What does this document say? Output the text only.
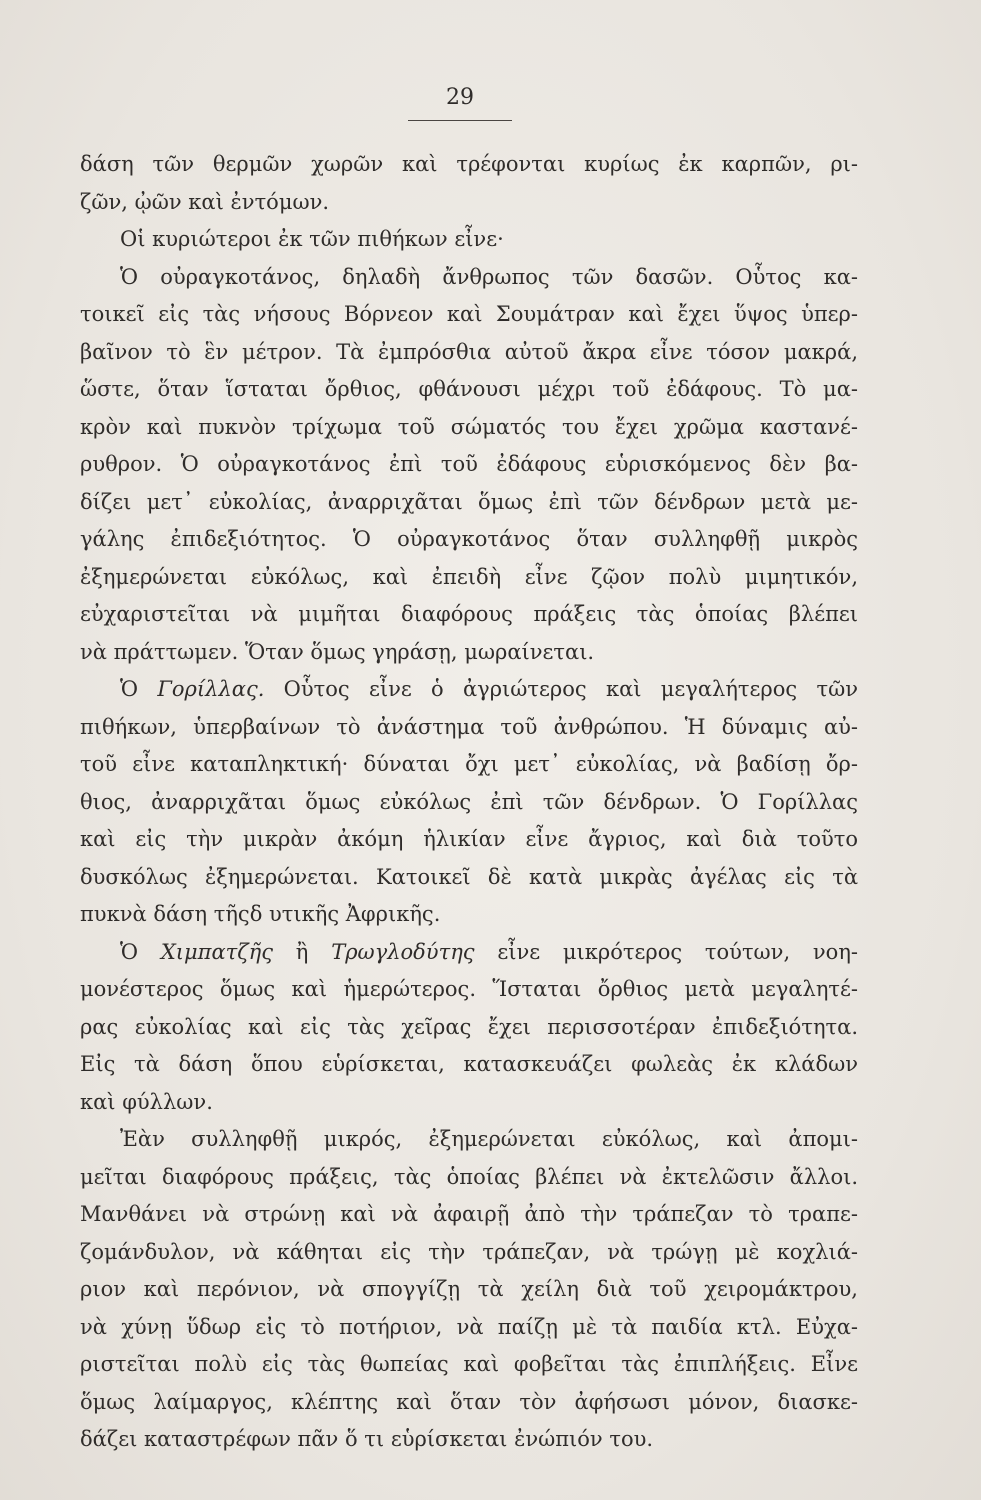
29
δάση τῶν θερμῶν χωρῶν καὶ τρέφονται κυρίως ἐκ καρπῶν, ρι-
ζῶν, ᾠῶν καὶ ἐντόμων.
Οἱ κυριώτεροι ἐκ τῶν πιθήκων εἶνε·
Ὁ οὐραγκοτάνος, δηλαδὴ ἄνθρωπος τῶν δασῶν. Οὗτος κα-
τοικεῖ εἰς τὰς νήσους Βόρνεον καὶ Σουμάτραν καὶ ἔχει ὕψος ὑπερ-
βαῖνον τὸ ἓν μέτρον. Τὰ ἐμπρόσθια αὐτοῦ ἄκρα εἶνε τόσον μακρά,
ὥστε, ὅταν ἵσταται ὄρθιος, φθάνουσι μέχρι τοῦ ἐδάφους. Τὸ μα-
κρὸν καὶ πυκνὸν τρίχωμα τοῦ σώματός του ἔχει χρῶμα καστανέ-
ρυθρον. Ὁ οὐραγκοτάνος ἐπὶ τοῦ ἐδάφους εὑρισκόμενος δὲν βα-
δίζει μετ᾽ εὐκολίας, ἀναρριχᾶται ὅμως ἐπὶ τῶν δένδρων μετὰ με-
γάλης ἐπιδεξιότητος. Ὁ οὐραγκοτάνος ὅταν συλληφθῇ μικρὸς
ἐξημερώνεται εὐκόλως, καὶ ἐπειδὴ εἶνε ζῷον πολὺ μιμητικόν,
εὐχαριστεῖται νὰ μιμῆται διαφόρους πράξεις τὰς ὁποίας βλέπει
νὰ πράττωμεν. Ὅταν ὅμως γηράσῃ, μωραίνεται.
Ὁ Γορίλλας. Οὗτος εἶνε ὁ ἀγριώτερος καὶ μεγαλήτερος τῶν
πιθήκων, ὑπερβαίνων τὸ ἀνάστημα τοῦ ἀνθρώπου. Ἡ δύναμις αὐ-
τοῦ εἶνε καταπληκτική· δύναται ὄχι μετ᾽ εὐκολίας, νὰ βαδίσῃ ὄρ-
θιος, ἀναρριχᾶται ὅμως εὐκόλως ἐπὶ τῶν δένδρων. Ὁ Γορίλλας
καὶ εἰς τὴν μικρὰν ἀκόμη ἡλικίαν εἶνε ἄγριος, καὶ διὰ τοῦτο
δυσκόλως ἐξημερώνεται. Κατοικεῖ δὲ κατὰ μικρὰς ἀγέλας εἰς τὰ
πυκνὰ δάση τῆςδ υτικῆς Ἀφρικῆς.
Ὁ Χιμπατζῆς ἢ Τρωγλοδύτης εἶνε μικρότερος τούτων, νοη-
μονέστερος ὅμως καὶ ἡμερώτερος. Ἵσταται ὄρθιος μετὰ μεγαλητέ-
ρας εὐκολίας καὶ εἰς τὰς χεῖρας ἔχει περισσοτέραν ἐπιδεξιότητα.
Εἰς τὰ δάση ὅπου εὑρίσκεται, κατασκευάζει φωλεὰς ἐκ κλάδων
καὶ φύλλων.
Ἐὰν συλληφθῇ μικρός, ἐξημερώνεται εὐκόλως, καὶ ἀπομι-
μεῖται διαφόρους πράξεις, τὰς ὁποίας βλέπει νὰ ἐκτελῶσιν ἄλλοι.
Μανθάνει νὰ στρώνῃ καὶ νὰ ἀφαιρῇ ἀπὸ τὴν τράπεζαν τὸ τραπε-
ζομάνδυλον, νὰ κάθηται εἰς τὴν τράπεζαν, νὰ τρώγῃ μὲ κοχλιά-
ριον καὶ περόνιον, νὰ σπογγίζῃ τὰ χείλη διὰ τοῦ χειρομάκτρου,
νὰ χύνῃ ὕδωρ εἰς τὸ ποτήριον, νὰ παίζῃ μὲ τὰ παιδία κτλ. Εὐχα-
ριστεῖται πολὺ εἰς τὰς θωπείας καὶ φοβεῖται τὰς ἐπιπλήξεις. Εἶνε
ὅμως λαίμαργος, κλέπτης καὶ ὅταν τὸν ἀφήσωσι μόνον, διασκε-
δάζει καταστρέφων πᾶν ὅ τι εὑρίσκεται ἐνώπιόν του.
